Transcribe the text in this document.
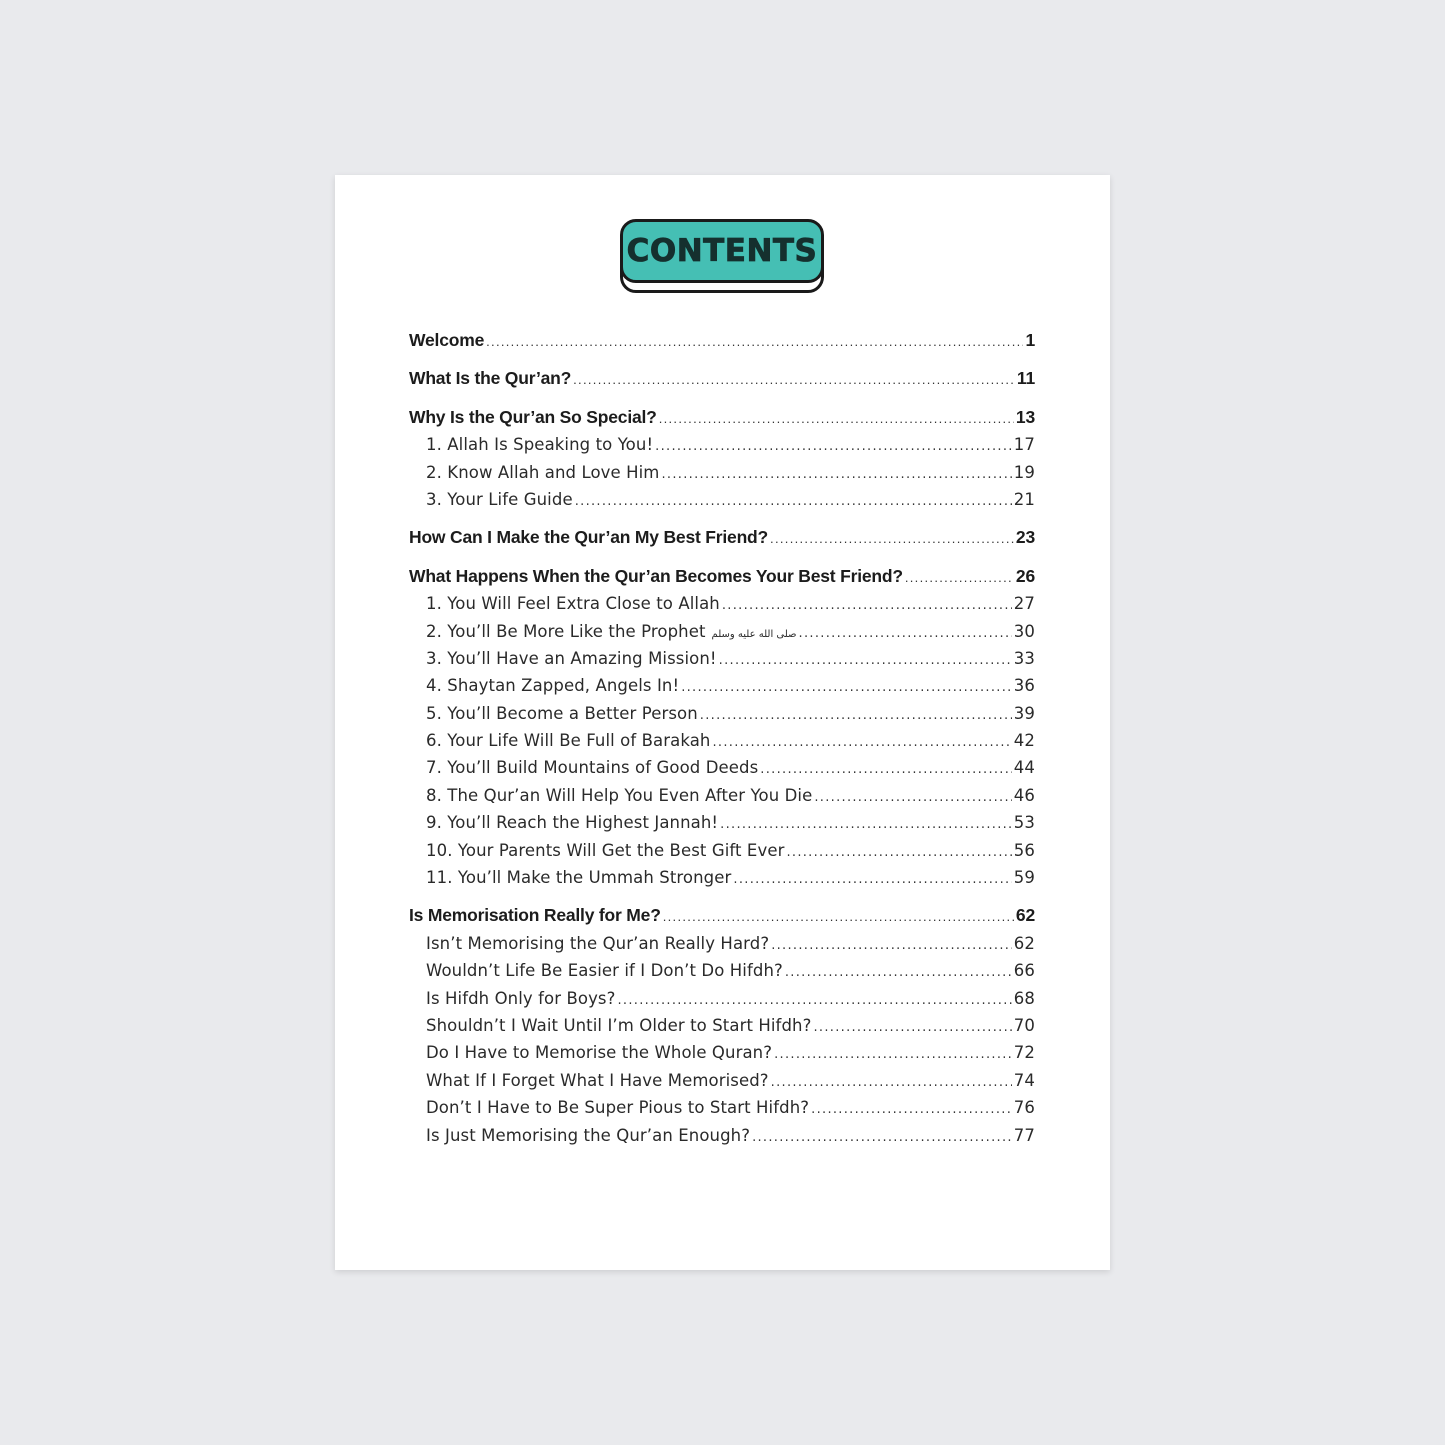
CONTENTS
Welcome .....	1
What Is the Qur’an? .....	11
Why Is the Qur’an So Special? .....	13
1. Allah Is Speaking to You! .....	17
2. Know Allah and Love Him .....	19
3. Your Life Guide .....	21
How Can I Make the Qur’an My Best Friend? .....	23
What Happens When the Qur’an Becomes Your Best Friend? .....	26
1. You Will Feel Extra Close to Allah .....	27
2. You’ll Be More Like the Prophet صلى الله عليه وسلم .....	30
3. You’ll Have an Amazing Mission! .....	33
4. Shaytan Zapped, Angels In! .....	36
5. You’ll Become a Better Person .....	39
6. Your Life Will Be Full of Barakah .....	42
7. You’ll Build Mountains of Good Deeds .....	44
8. The Qur’an Will Help You Even After You Die .....	46
9. You’ll Reach the Highest Jannah! .....	53
10. Your Parents Will Get the Best Gift Ever .....	56
11. You’ll Make the Ummah Stronger .....	59
Is Memorisation Really for Me? .....	62
Isn’t Memorising the Qur’an Really Hard? .....	62
Wouldn’t Life Be Easier if I Don’t Do Hifdh? .....	66
Is Hifdh Only for Boys? .....	68
Shouldn’t I Wait Until I’m Older to Start Hifdh? .....	70
Do I Have to Memorise the Whole Quran? .....	72
What If I Forget What I Have Memorised? .....	74
Don’t I Have to Be Super Pious to Start Hifdh? .....	76
Is Just Memorising the Qur’an Enough? .....	77
